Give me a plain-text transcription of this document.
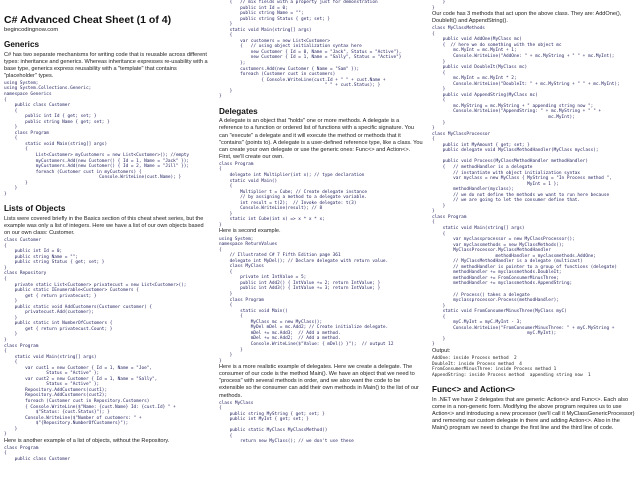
C# Advanced Cheat Sheet (1 of 4)
begincodingnow.com
Generics
C# has two separate mechanisms for writing code that is reusable across different types: inheritance and generics. Whereas inheritance expresses re-usability with a base type, generics express reusability with a "template" that contains "placeholder" types.
using System;
using System.Collections.Generic;
namespace Generics
{
public class Customer
{
public int Id { get; set; }
public string Name { get; set; }
}
class Program
{
static void Main(string[] args)
{
List<Customer> myCustomers = new List<Customer>(); //empty
myCustomers.Add(new Customer() { Id = 1, Name = "Jack" });
myCustomers.Add(new Customer() { Id = 2, Name = "Jill" });
foreach (Customer cust in myCustomers) {
Console.WriteLine(cust.Name); }
}
}
}
Lists of Objects
Lists were covered briefly in the Basics section of this cheat sheet series, but the example was only a list of integers. Here we have a list of our own objects based on our own class: Customer.
class Customer
{
public int Id = 0;
public string Name = "";
public string Status { get; set; }
}
class Repository
{
private static List<Customer> privatecust = new List<Customer>();
public static IEnumerable<Customer> Customers {
get { return privatecust; }
}
public static void AddCustomers(Customer customer) {
privatecust.Add(customer);
}
public static int NumberOfCustomers {
get { return privatecust.Count; }
}
}
class Program
{
static void Main(string[] args)
{
var cust1 = new Customer { Id = 1, Name = "Joe",
Status = "Active" };
var cust2 = new Customer { Id = 1, Name = "Sally",
Status = "Active" };
Repository.AddCustomers(cust1);
Repository.AddCustomers(cust2);
foreach (Customer cust in Repository.Customers)
{ Console.WriteLine($"Name: {cust.Name} Id: {cust.Id} " +
$"Status: {cust.Status}"); }
Console.WriteLine($"Number of customers: " +
$"{Repository.NumberOfCustomers}");
}
}
Here is another example of a list of objects, without the Repository.
class Program
{
public class Customer
{   // mix fields with a property just for demonstration
public int Id = 0;
public string Name = "";
public string Status { get; set; }
}
static void Main(string[] args)
{
var customers = new List<Customer>
{   // using object initialization syntax here
new Customer { Id = 0, Name = "Jack", Status = "Active"},
new Customer { Id = 1, Name = "Sally", Status = "Active"}
};
customers.Add(new Customer { Name = "Sam" });
foreach (Customer cust in customers)
{ Console.WriteLine(cust.Id + " " + cust.Name +
" " + cust.Status); }
}
}
Delegates
A delegate is an object that "holds" one or more methods. A delegate is a reference to a function or ordered list of functions with a specific signature. You can "execute" a delegate and it will execute the method or methods that it "contains" (points to). A delegate is a user-defined reference type, like a class. You can create your own delegate or use the generic ones: Func<> and Action<>. First, we'll create our own.
class Program
{
delegate int Multiplier(int x); // type declaration
static void Main()
{
Multiplier t = Cube; // Create delegate instance
// by assigning a method to a delegate variable.
int result = t(2);  // Invoke delegate: t(3)
Console.WriteLine(result); // 8
}
static int Cube(int x) => x * x * x;
}
Here is second example.
using System;
namespace ReturnValues
{
// Illustrated C# 7 Fifth Edition page 361
delegate int MyDel(); // Declare delegate with return value.
class MyClass
{
private int IntValue = 5;
public int Add2() { IntValue += 2; return IntValue; }
public int Add3() { IntValue += 3; return IntValue; }
}
class Program
{
static void Main()
{
MyClass mc = new MyClass();
MyDel mDel = mc.Add2; // Create initialize delegate.
mDel += mc.Add3;  // Add a method.
mDel += mc.Add2;  // Add a method.
Console.WriteLine($"Value: { mDel() }");  // output 12
}
}
}
Here is a more realistic example of delegates. Here we create a delegate. The consumer of our code is the method Main(). We have an object that we need to "process" with several methods in order, and we also want the code to be extensible so the consumer can add their own methods in Main() to the list of our methods.
class MyClass
{
public string MyString { get; set; }
public int MyInt { get; set; }

public static MyClass MyClassMethod()
{
return new MyClass(); // we don't use these
}
}
Our code has 3 methods that act upon the above class. They are: AddOne(), DoubleIt() and AppendString().
class MyClassMethods
{
public void AddOne(MyClass mc)
{  // here we do something with the object mc
mc.MyInt = mc.MyInt + 1;
Console.WriteLine("AddOne: " + mc.MyString + " " + mc.MyInt);
}
public void DoubleIt(MyClass mc)
{
mc.MyInt = mc.MyInt * 2;
Console.WriteLine("DoubleIt: " + mc.MyString + " " + mc.MyInt);
}
public void AppendString(MyClass mc)
{
mc.MyString = mc.MyString + " appending string now ";
Console.WriteLine("AppendString: " + mc.MyString + " " +
mc.MyInt);
}
}
class MyClassProcessor
{
public int MyAmount { get; set; }
public delegate void MyClassMethodHandler(MyClass myclass);

public void Process(MyClassMethodHandler methodHandler)
{   // methodHandler is a delegate
// instantiate with object initialization syntax
var myclass = new MyClass { MyString = "In Process method ",
MyInt = 1 };
methodHandler(myclass);
// we do not define the methods we want to run here because
// we are going to let the consumer define that.
}
}
class Program
{
static void Main(string[] args)
{
var myclassprocessor = new MyClassProcessor();
var myclassmethods = new MyClassMethods();
MyClassProcessor.MyClassMethodHandler
methodHandler = myclassmethods.AddOne;
// MyClassMethodHandler is a delegate (multicast)
// methodHandler is pointer to a group of functions (delegate)
methodHandler += myclassmethods.DoubleIt;
methodHandler += FromConsumerMinusThree;
methodHandler += myclassmethods.AppendString;

// Process() takes a delegate
myclassprocessor.Process(methodHandler);
}
static void FromConsumerMinusThree(MyClass myC)
{
myC.MyInt = myC.MyInt - 3;
Console.WriteLine("FromConsumerMinusThree: " + myC.MyString +
myC.MyInt);
}
}
Output:
AddOne: inside Process method  2
DoubleIt: inside Process method  4
FromConsumerMinusThree: inside Process method 1
AppendString: inside Process method  appending string now  1
Func<> and Action<>
In .NET we have 2 delegates that are generic: Action<> and Func<>. Each also come in a non-generic form. Modifying the above program requires us to use Action<> and introducing a new processor (we'll call it MyClassGenericProcessor) and removing our custom delegate in there and adding Action<>. Also in the Main() program we need to change the first line and the third line of code.
